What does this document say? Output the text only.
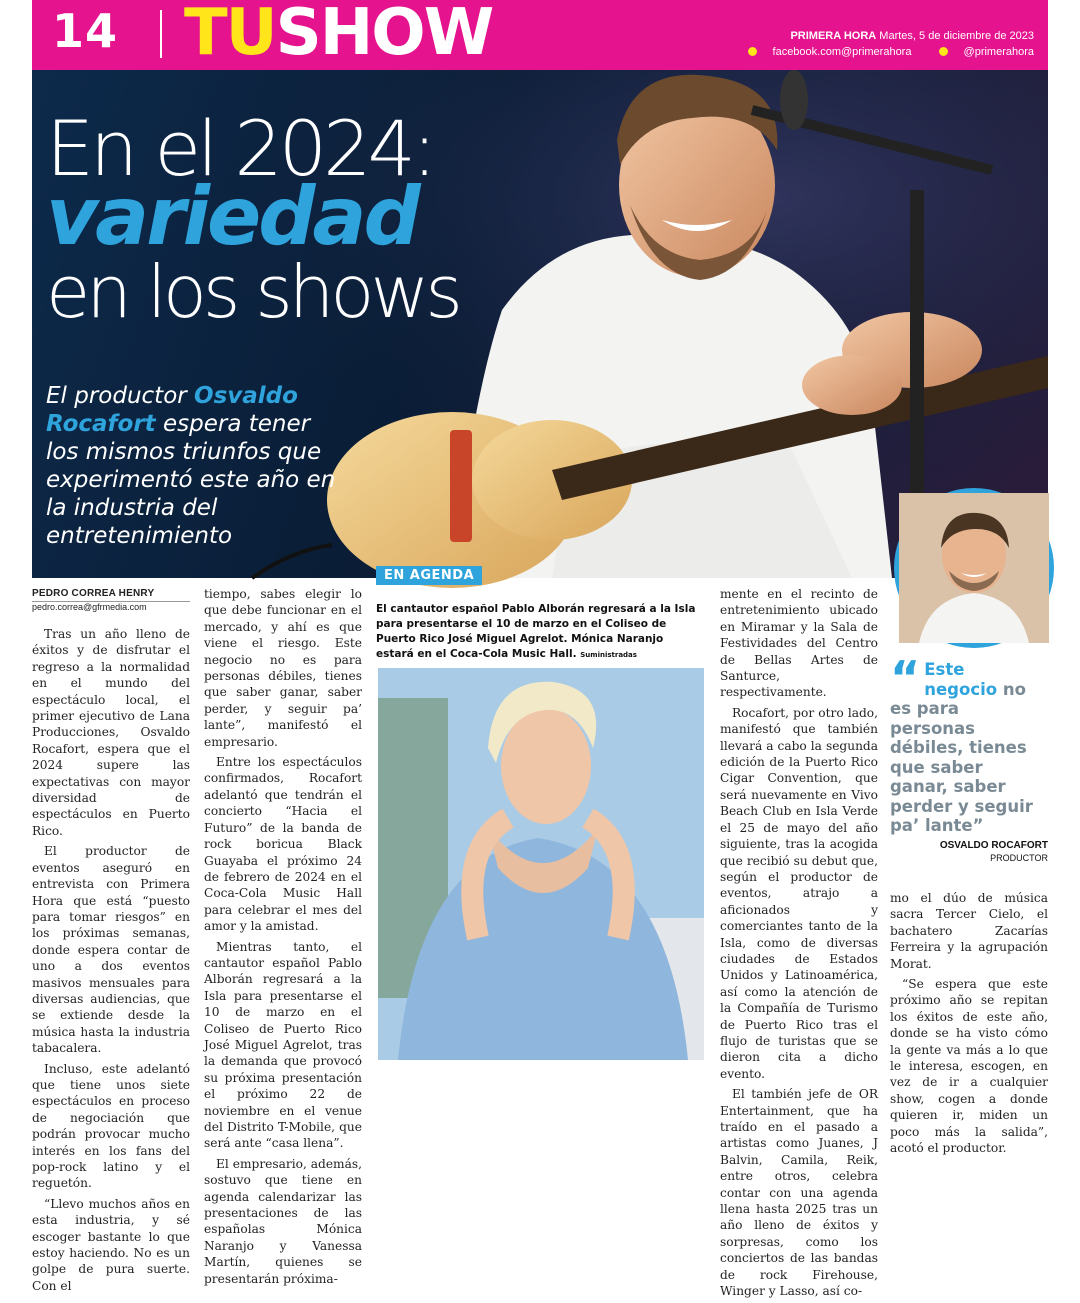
14 TUSHOW	PRIMERA HORA Martes, 5 de diciembre de 2023
facebook.com@primerahora	@primerahora
En el 2024:
variedad
en los shows
El productor Osvaldo Rocafort espera tener los mismos triunfos que experimentó este año en la industria del entretenimiento
PEDRO CORREA HENRY
pedro.correa@gfrmedia.com

Tras un año lleno de éxitos y de disfrutar el regreso a la normalidad en el mundo del espectáculo local, el primer ejecutivo de Lana Producciones, Osvaldo Rocafort, espera que el 2024 supere las expectativas con mayor diversidad de espectáculos en Puerto Rico.

El productor de eventos aseguró en entrevista con Primera Hora que está “puesto para tomar riesgos” en los próximas semanas, donde espera contar de uno a dos eventos masivos mensuales para diversas audiencias, que se extiende desde la música hasta la industria tabacalera.

Incluso, este adelantó que tiene unos siete espectáculos en proceso de negociación que podrán provocar mucho interés en los fans del pop-rock latino y el reguetón.

“Llevo muchos años en esta industria, y sé escoger bastante lo que estoy haciendo. No es un golpe de pura suerte. Con el

tiempo, sabes elegir lo que debe funcionar en el mercado, y ahí es que viene el riesgo. Este negocio no es para personas débiles, tienes que saber ganar, saber perder, y seguir pa’ lante”, manifestó el empresario.

Entre los espectáculos confirmados, Rocafort adelantó que tendrán el concierto “Hacia el Futuro” de la banda de rock boricua Black Guayaba el próximo 24 de febrero de 2024 en el Coca-Cola Music Hall para celebrar el mes del amor y la amistad.

Mientras tanto, el cantautor español Pablo Alborán regresará a la Isla para presentarse el 10 de marzo en el Coliseo de Puerto Rico José Miguel Agrelot, tras la demanda que provocó su próxima presentación el próximo 22 de noviembre en el venue del Distrito T-Mobile, que será ante “casa llena”.

El empresario, además, sostuvo que tiene en agenda calendarizar las presentaciones de las españolas Mónica Naranjo y Vanessa Martín, quienes se presentarán próxima-

EN AGENDA
El cantautor español Pablo Alborán regresará a la Isla para presentarse el 10 de marzo en el Coliseo de Puerto Rico José Miguel Agrelot. Mónica Naranjo estará en el Coca-Cola Music Hall. Suministradas

mente en el recinto de entretenimiento ubicado en Miramar y la Sala de Festividades del Centro de Bellas Artes de Santurce, respectivamente.

Rocafort, por otro lado, manifestó que también llevará a cabo la segunda edición de la Puerto Rico Cigar Convention, que será nuevamente en Vivo Beach Club en Isla Verde el 25 de mayo del año siguiente, tras la acogida que recibió su debut que, según el productor de eventos, atrajo a aficionados y comerciantes tanto de la Isla, como de diversas ciudades de Estados Unidos y Latinoamérica, así como la atención de la Compañía de Turismo de Puerto Rico tras el flujo de turistas que se dieron cita a dicho evento.

El también jefe de OR Entertainment, que ha traído en el pasado a artistas como Juanes, J Balvin, Camila, Reik, entre otros, celebra contar con una agenda llena hasta 2025 tras un año lleno de éxitos y sorpresas, como los conciertos de las bandas de rock Firehouse, Winger y Lasso, así co-

mo el dúo de música sacra Tercer Cielo, el bachatero Zacarías Ferreira y la agrupación Morat.

“Se espera que este próximo año se repitan los éxitos de este año, donde se ha visto cómo la gente va más a lo que le interesa, escogen, en vez de ir a cualquier show, cogen a donde quieren ir, miden un poco más la salida”, acotó el productor.

“ Este negocio no es para personas débiles, tienes que saber ganar, saber perder y seguir pa’ lante”
OSVALDO ROCAFORT
PRODUCTOR
